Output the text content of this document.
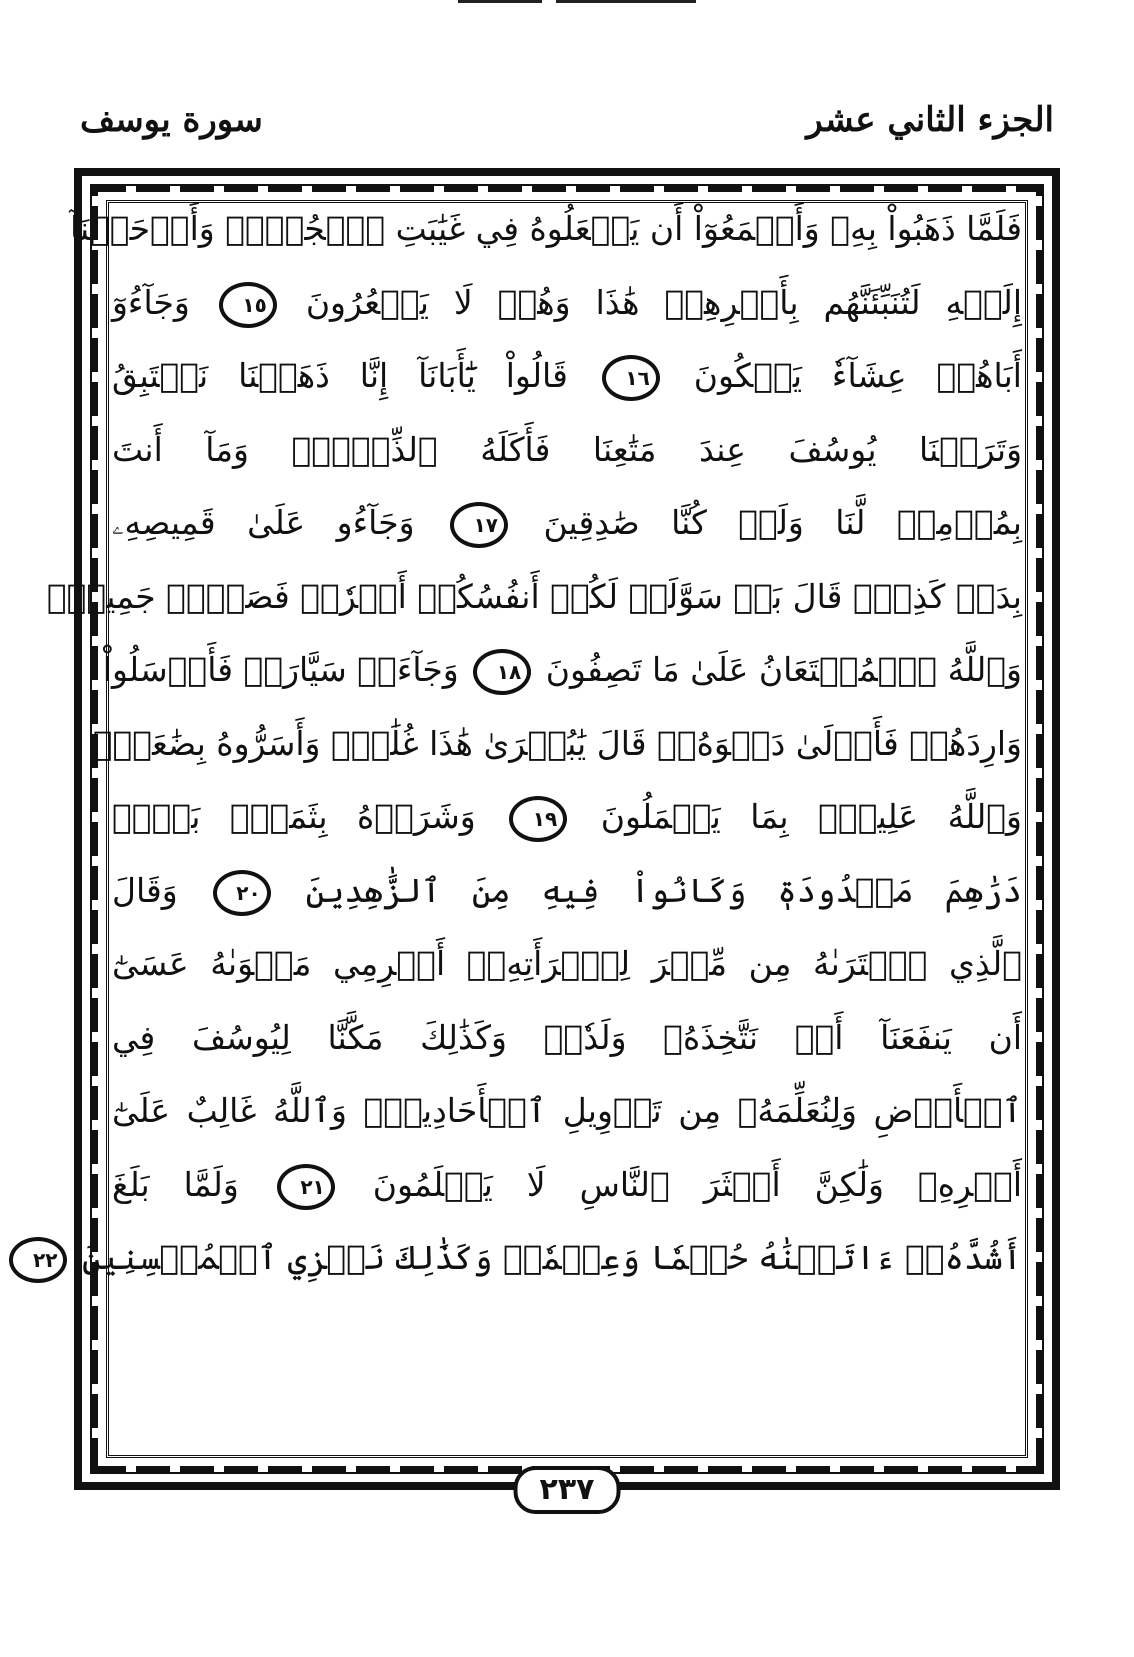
الجزء الثاني عشر
سورة يوسف
فَلَمَّا ذَهَبُواْ بِهِۦ وَأَجۡمَعُوٓاْ أَن يَجۡعَلُوهُ فِي غَيَٰبَتِ ٱلۡجُبِّۚ وَأَوۡحَيۡنَآ
إِلَيۡهِ لَتُنَبِّئَنَّهُم بِأَمۡرِهِمۡ هَٰذَا وَهُمۡ لَا يَشۡعُرُونَ ١٥ وَجَآءُوٓ
أَبَاهُمۡ عِشَآءٗ يَبۡكُونَ ١٦ قَالُواْ يَٰٓأَبَانَآ إِنَّا ذَهَبۡنَا نَسۡتَبِقُ
وَتَرَكۡنَا يُوسُفَ عِندَ مَتَٰعِنَا فَأَكَلَهُ ٱلذِّئۡبُۖ وَمَآ أَنتَ
بِمُؤۡمِنٖ لَّنَا وَلَوۡ كُنَّا صَٰدِقِينَ ١٧ وَجَآءُو عَلَىٰ قَمِيصِهِۦ
بِدَمٖ كَذِبٖۚ قَالَ بَلۡ سَوَّلَتۡ لَكُمۡ أَنفُسُكُمۡ أَمۡرٗاۖ فَصَبۡرٞ جَمِيلٞۖ
وَٱللَّهُ ٱلۡمُسۡتَعَانُ عَلَىٰ مَا تَصِفُونَ ١٨ وَجَآءَتۡ سَيَّارَةٞ فَأَرۡسَلُواْ
وَارِدَهُمۡ فَأَدۡلَىٰ دَلۡوَهُۥۖ قَالَ يَٰبُشۡرَىٰ هَٰذَا غُلَٰمٞۚ وَأَسَرُّوهُ بِضَٰعَةٗۚ
وَٱللَّهُ عَلِيمُۢ بِمَا يَعۡمَلُونَ ١٩ وَشَرَوۡهُ بِثَمَنِۢ بَخۡسٖ
دَرَٰهِمَ مَعۡدُودَةٖ وَكَانُواْ فِيهِ مِنَ ٱلزَّٰهِدِينَ ٢٠ وَقَالَ
ٱلَّذِي ٱشۡتَرَىٰهُ مِن مِّصۡرَ لِٱمۡرَأَتِهِۦٓ أَكۡرِمِي مَثۡوَىٰهُ عَسَىٰٓ
أَن يَنفَعَنَآ أَوۡ نَتَّخِذَهُۥ وَلَدٗاۚ وَكَذَٰلِكَ مَكَّنَّا لِيُوسُفَ فِي
ٱلۡأَرۡضِ وَلِنُعَلِّمَهُۥ مِن تَأۡوِيلِ ٱلۡأَحَادِيثِۚ وَٱللَّهُ غَالِبٌ عَلَىٰٓ
أَمۡرِهِۦ وَلَٰكِنَّ أَكۡثَرَ ٱلنَّاسِ لَا يَعۡلَمُونَ ٢١ وَلَمَّا بَلَغَ
أَشُدَّهُۥٓ ءَاتَيۡنَٰهُ حُكۡمٗا وَعِلۡمٗاۚ وَكَذَٰلِكَ نَجۡزِي ٱلۡمُحۡسِنِينَ ٢٢
٢٣٧
